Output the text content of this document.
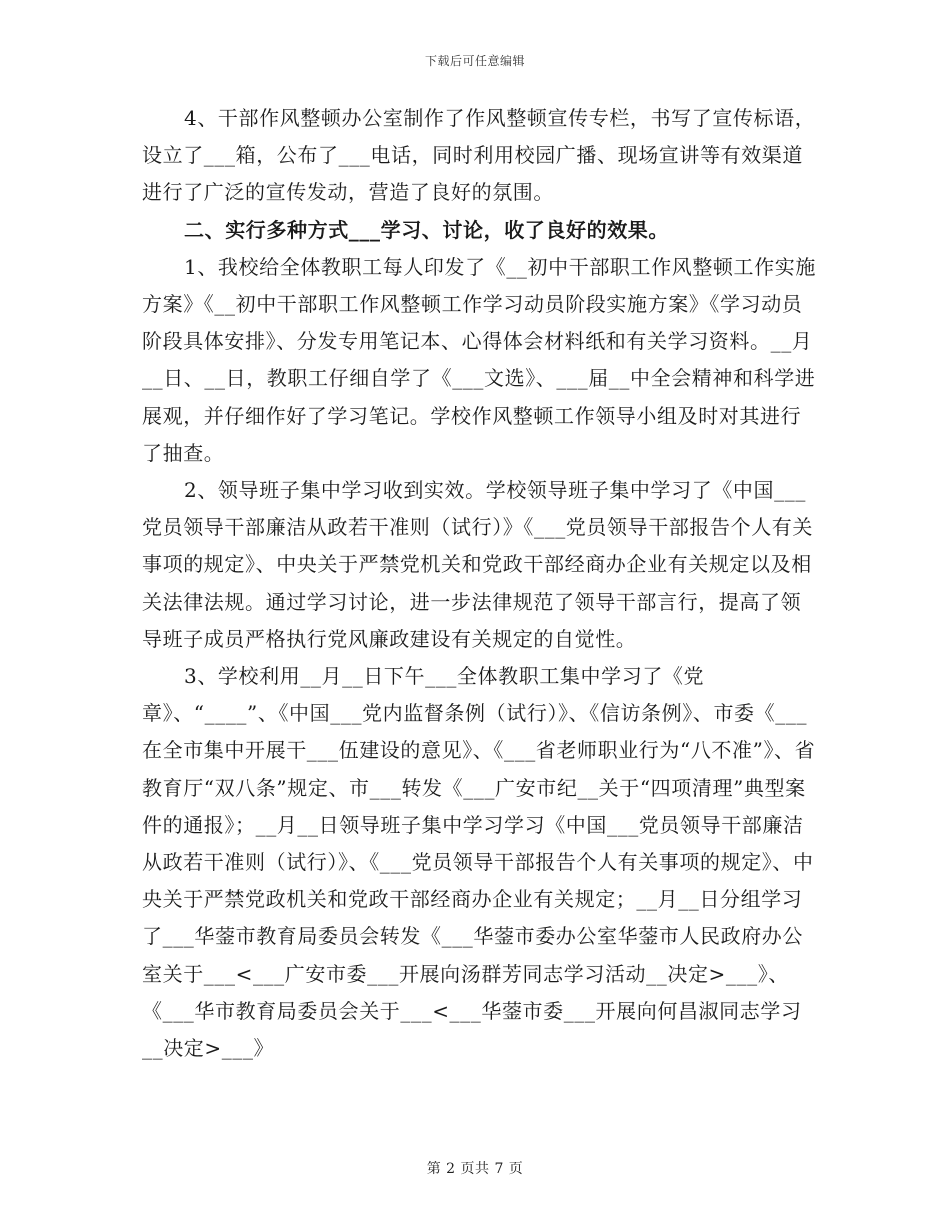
下载后可任意编辑

4、干部作风整顿办公室制作了作风整顿宣传专栏，书写了宣传标语，设立了___箱，公布了___电话，同时利用校园广播、现场宣讲等有效渠道进行了广泛的宣传发动，营造了良好的氛围。

二、实行多种方式___学习、讨论，收了良好的效果。

1、我校给全体教职工每人印发了《__初中干部职工作风整顿工作实施方案》《__初中干部职工作风整顿工作学习动员阶段实施方案》《学习动员阶段具体安排》、分发专用笔记本、心得体会材料纸和有关学习资料。__月__日、__日，教职工仔细自学了《___文选》、___届__中全会精神和科学进展观，并仔细作好了学习笔记。学校作风整顿工作领导小组及时对其进行了抽查。

2、领导班子集中学习收到实效。学校领导班子集中学习了《中国___党员领导干部廉洁从政若干准则（试行）》《___党员领导干部报告个人有关事项的规定》、中央关于严禁党机关和党政干部经商办企业有关规定以及相关法律法规。通过学习讨论，进一步法律规范了领导干部言行，提高了领导班子成员严格执行党风廉政建设有关规定的自觉性。

3、学校利用__月__日下午___全体教职工集中学习了《党章》、“____”、《中国___党内监督条例（试行）》、《信访条例》、市委《___在全市集中开展干___伍建设的意见》、《___省老师职业行为“八不准”》、省教育厅“双八条”规定、市___转发《___广安市纪__关于“四项清理”典型案件的通报》；__月__日领导班子集中学习学习《中国___党员领导干部廉洁从政若干准则（试行）》、《___党员领导干部报告个人有关事项的规定》、中央关于严禁党政机关和党政干部经商办企业有关规定；__月__日分组学习了___华蓥市教育局委员会转发《___华蓥市委办公室华蓥市人民政府办公室关于___<___广安市委___开展向汤群芳同志学习活动__决定>___》、《___华市教育局委员会关于___<___华蓥市委___开展向何昌淑同志学习__决定>___》

第 2 页共 7 页
